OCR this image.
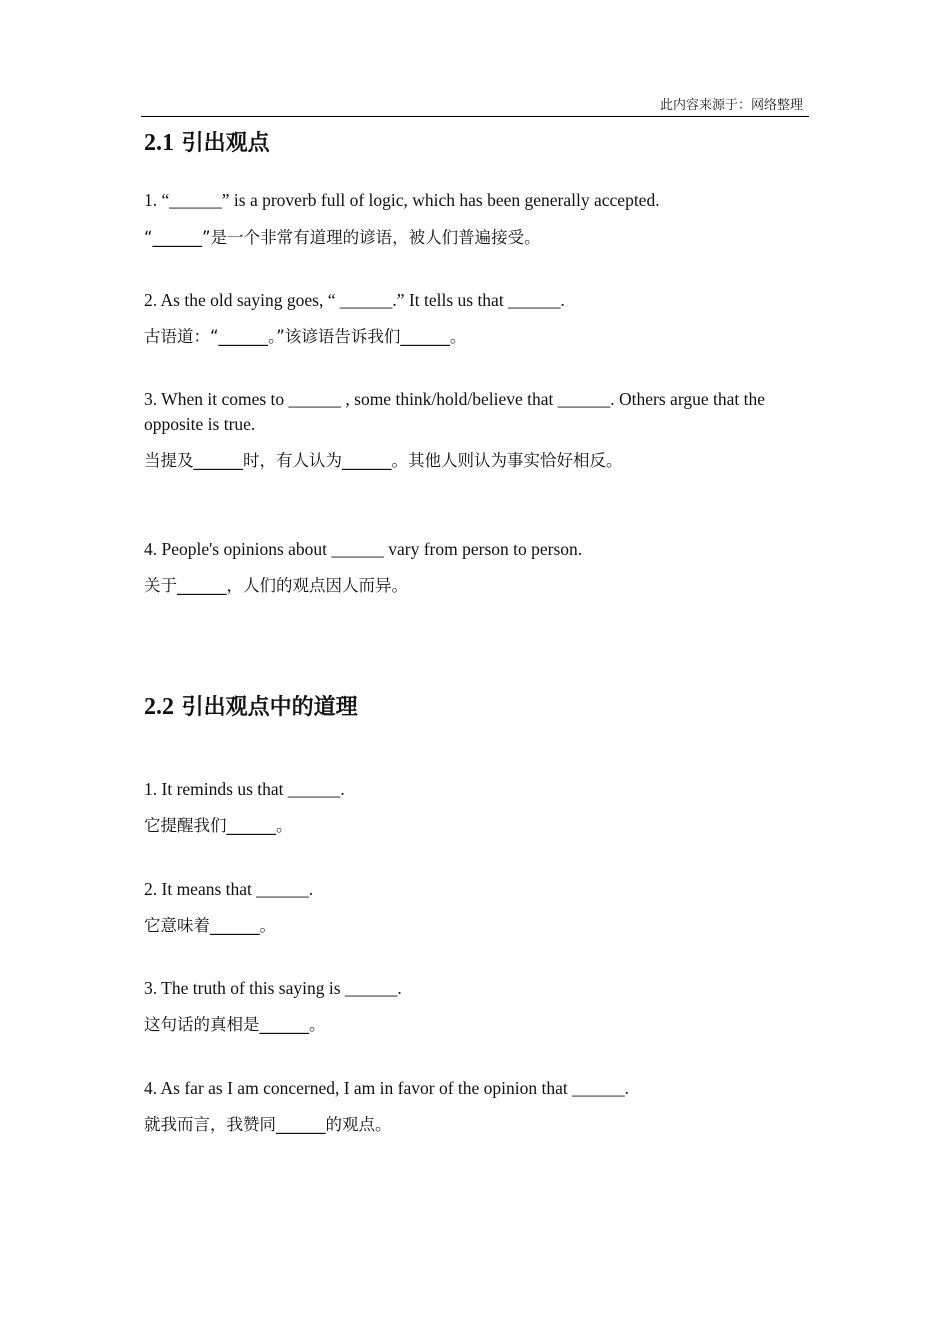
此内容来源于：网络整理
2.1 引出观点

1. “______” is a proverb full of logic, which has been generally accepted.

“______”是一个非常有道理的谚语，被人们普遍接受。

2. As the old saying goes, “ ______.” It tells us that ______.

古语道：“______。”该谚语告诉我们______。

3. When it comes to ______ , some think/hold/believe that ______. Others argue that the opposite is true.

当提及______时，有人认为______。其他人则认为事实恰好相反。

4. People's opinions about ______ vary from person to person.

关于______，人们的观点因人而异。

2.2 引出观点中的道理

1. It reminds us that ______.

它提醒我们______。

2. It means that ______.

它意味着______。

3. The truth of this saying is ______.

这句话的真相是______。

4. As far as I am concerned, I am in favor of the opinion that ______.

就我而言，我赞同______的观点。
